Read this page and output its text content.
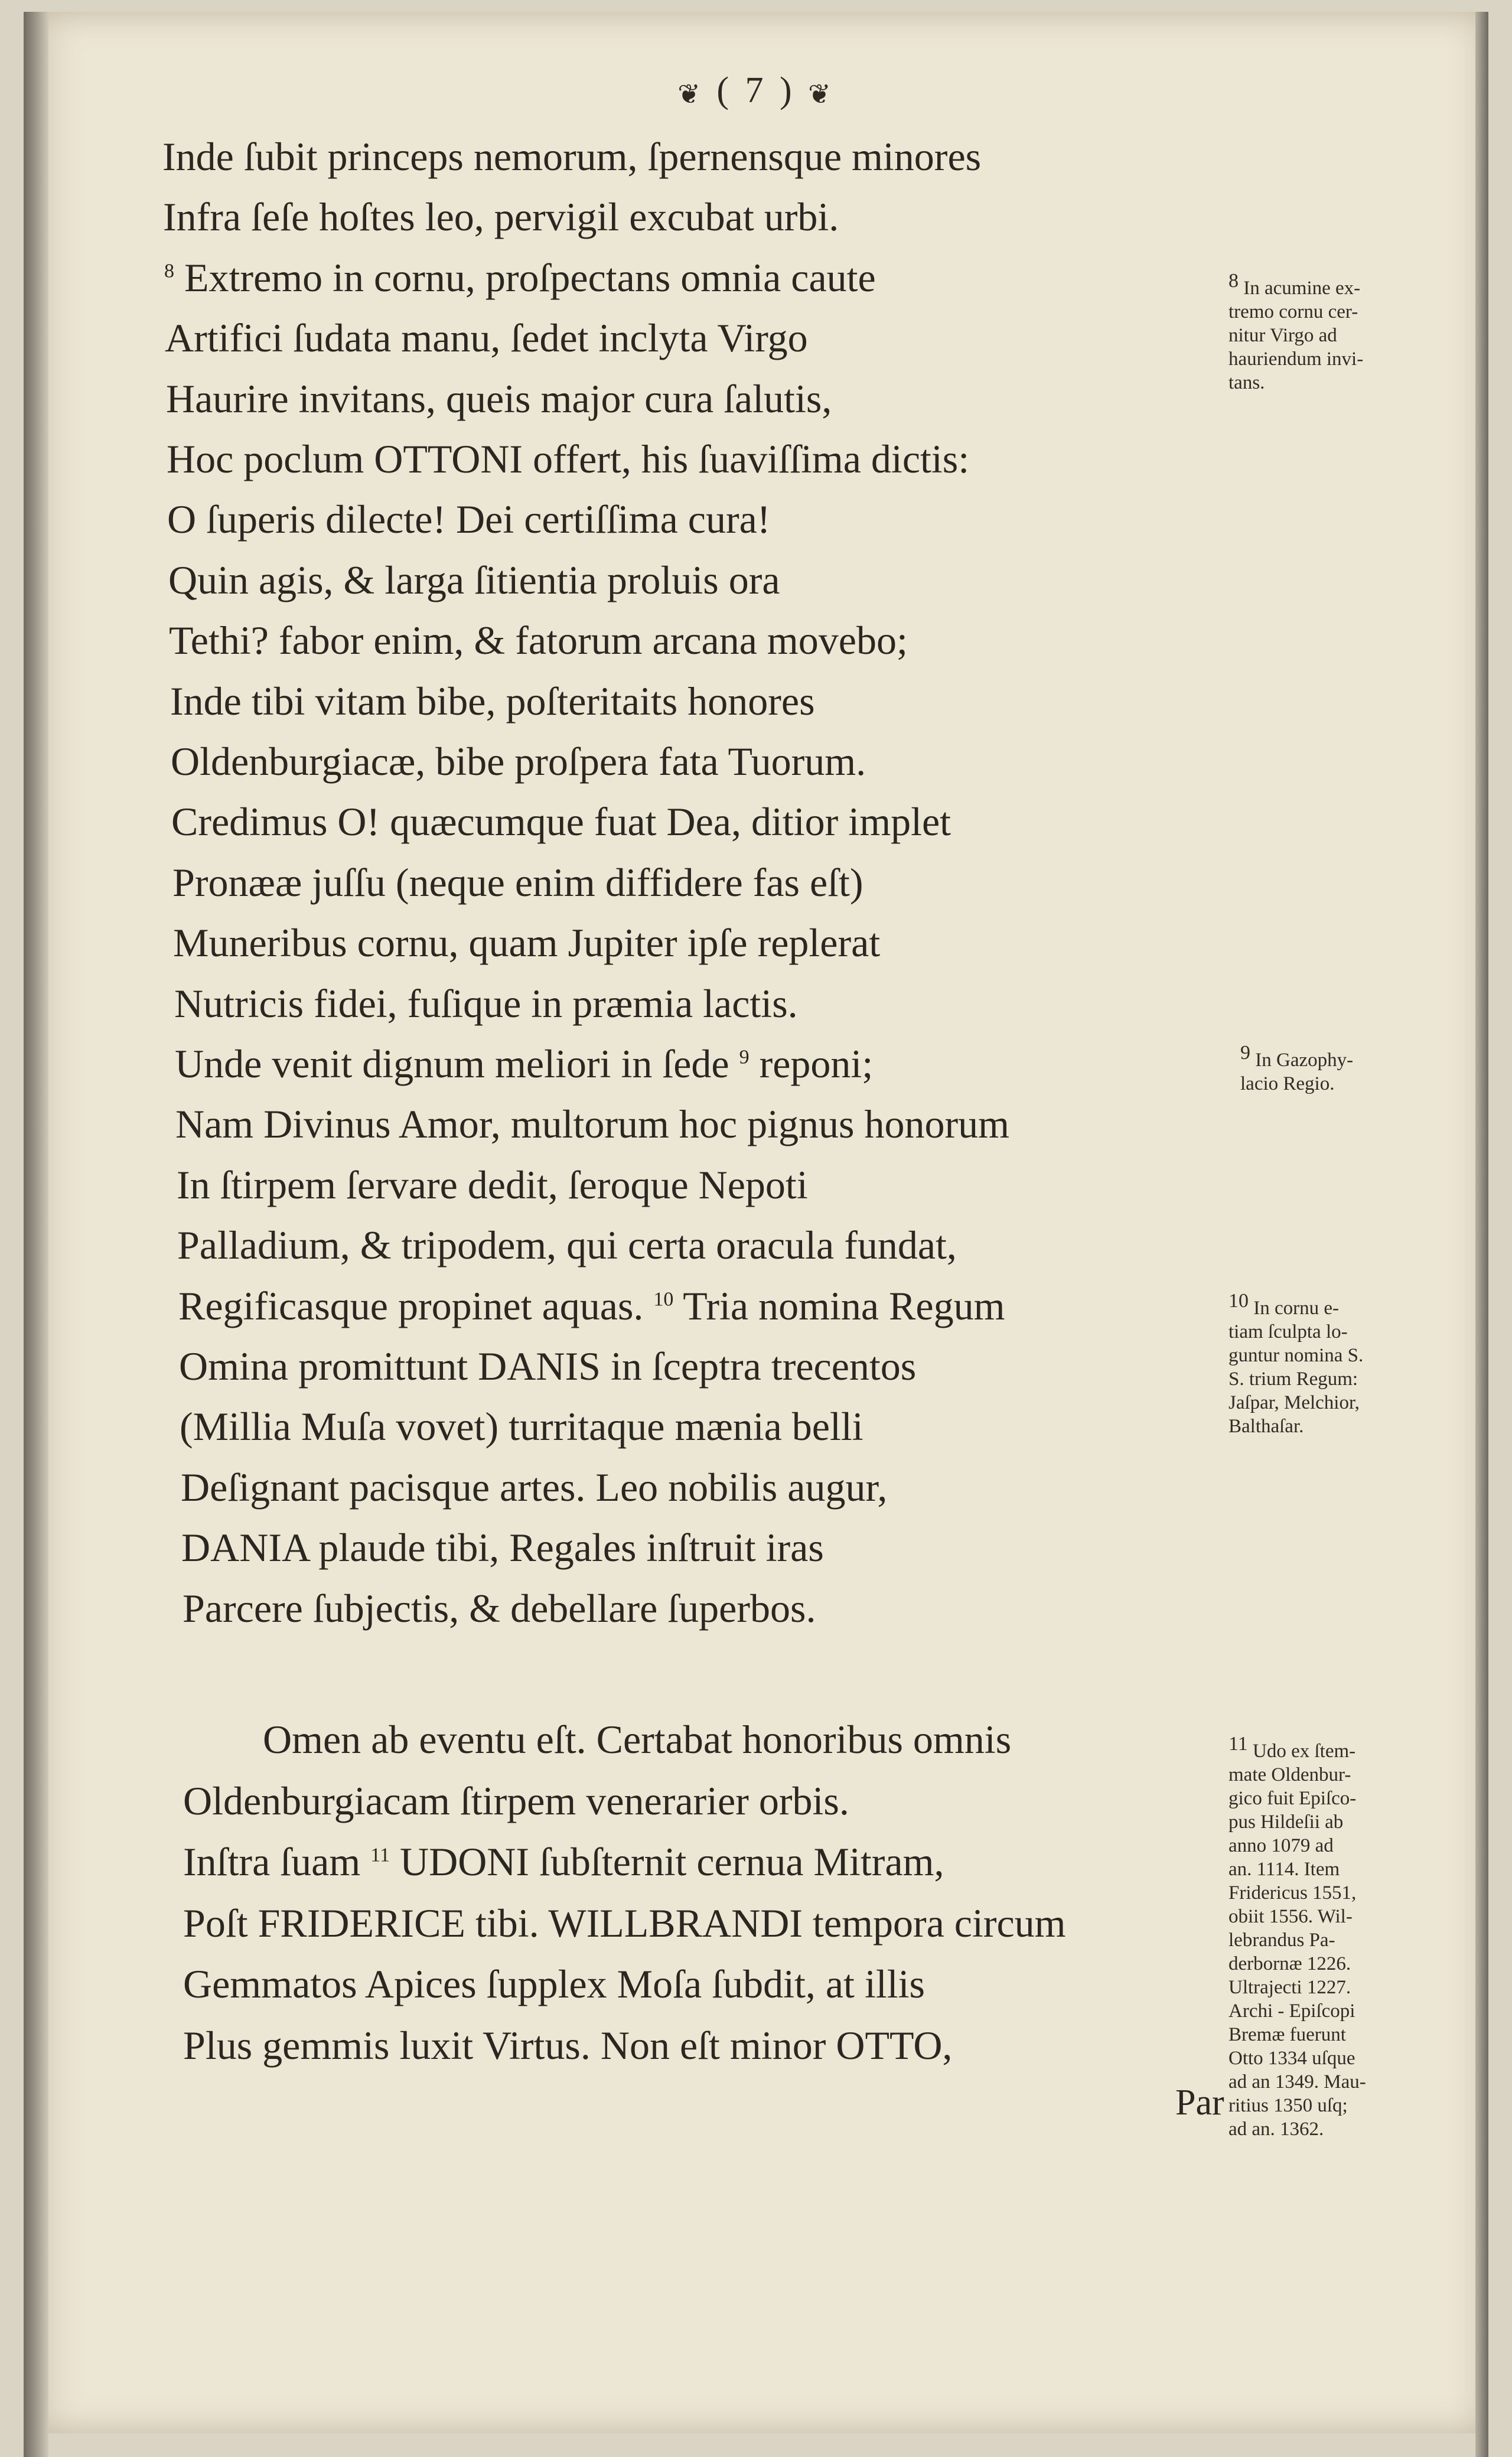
❦ ( 7 ) ❦
Inde ſubit princeps nemorum, ſpernensque minores
Infra ſeſe hoſtes leo, pervigil excubat urbi.
$^8$ Extremo in cornu, proſpectans omnia caute
Artifici ſudata manu, ſedet inclyta Virgo
Haurire invitans, queis major cura ſalutis,
Hoc poclum OTTONI offert, his ſuaviſſima dictis:
O ſuperis dilecte! Dei certiſſima cura!
Quin agis, & larga ſitientia proluis ora
Tethi? fabor enim, & fatorum arcana movebo;
Inde tibi vitam bibe, poſteritaits honores
Oldenburgiacæ, bibe proſpera fata Tuorum.
Credimus O! quæcumque fuat Dea, ditior implet
Pronææ juſſu (neque enim diffidere fas eſt)
Muneribus cornu, quam Jupiter ipſe replerat
Nutricis fidei, fuſique in præmia lactis.
Unde venit dignum meliori in ſede $^9$ reponi;
Nam Divinus Amor, multorum hoc pignus honorum
In ſtirpem ſervare dedit, ſeroque Nepoti
Palladium, & tripodem, qui certa oracula fundat,
Regificasque propinet aquas. $^{10}$ Tria nomina Regum
Omina promittunt DANIS in ſceptra trecentos
(Millia Muſa vovet) turritaque mænia belli
Deſignant pacisque artes. Leo nobilis augur,
DANIA plaude tibi, Regales inſtruit iras
Parcere ſubjectis, & debellare ſuperbos.
Omen ab eventu eſt. Certabat honoribus omnis
Oldenburgiacam ſtirpem venerarier orbis.
Inſtra ſuam $^{11}$ UDONI ſubſternit cernua Mitram,
Poſt FRIDERICE tibi. WILLBRANDI tempora circum
Gemmatos Apices ſupplex Moſa ſubdit, at illis
Plus gemmis luxit Virtus. Non eſt minor OTTO,
$^8$ In acumine ex-
tremo cornu cer-
nitur Virgo ad
hauriendum invi-
tans.
$^9$ In Gazophy-
lacio Regio.
$^{10}$ In cornu e-
tiam ſculpta lo-
guntur nomina S.
S. trium Regum:
Jaſpar, Melchior,
Balthaſar.
$^{11}$ Udo ex ſtem-
mate Oldenbur-
gico fuit Epiſco-
pus Hildeſii ab
anno 1079 ad
an. 1114. Item
Fridericus 1551,
obiit 1556. Wil-
lebrandus Pa-
derbornæ 1226.
Ultrajecti 1227.
Archi - Epiſcopi
Bremæ fuerunt
Otto 1334 uſque
ad an 1349. Mau-
ritius 1350 uſq;
ad an. 1362.
Par
